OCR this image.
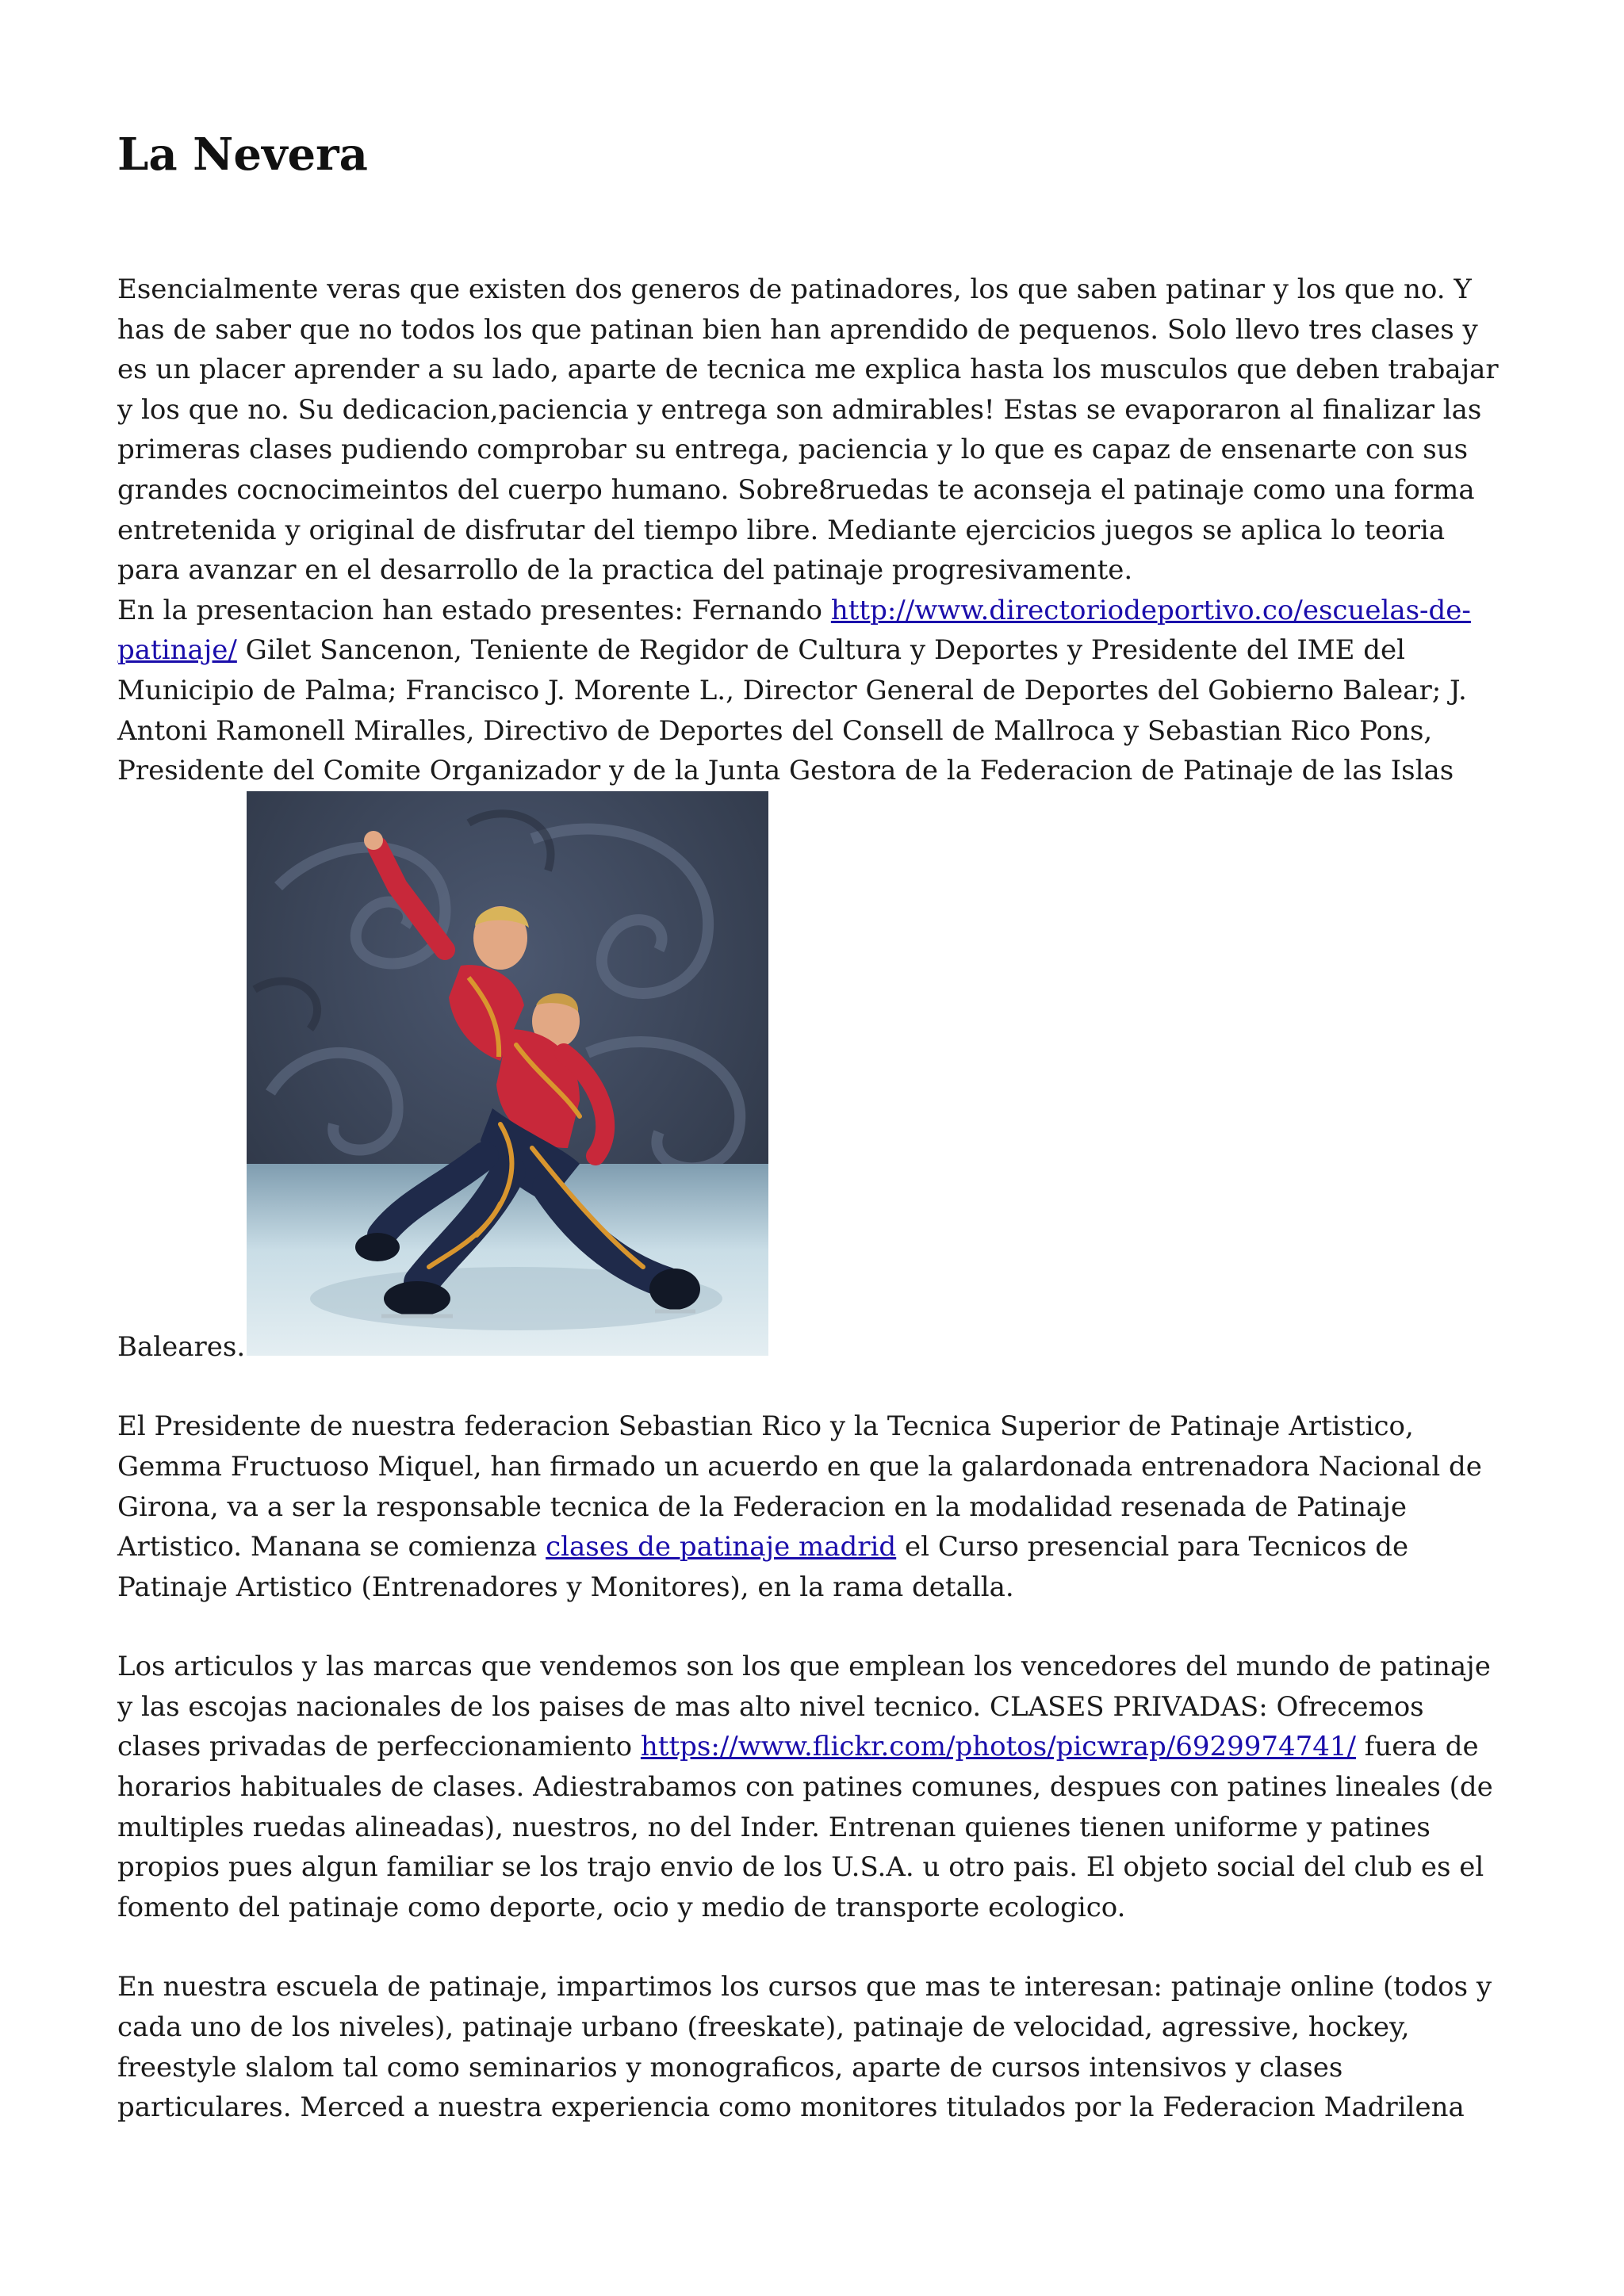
La Nevera

Esencialmente veras que existen dos generos de patinadores, los que saben patinar y los que no. Y has de saber que no todos los que patinan bien han aprendido de pequenos. Solo llevo tres clases y es un placer aprender a su lado, aparte de tecnica me explica hasta los musculos que deben trabajar y los que no. Su dedicacion,paciencia y entrega son admirables! Estas se evaporaron al finalizar las primeras clases pudiendo comprobar su entrega, paciencia y lo que es capaz de ensenarte con sus grandes cocnocimeintos del cuerpo humano. Sobre8ruedas te aconseja el patinaje como una forma entretenida y original de disfrutar del tiempo libre. Mediante ejercicios juegos se aplica lo teoria para avanzar en el desarrollo de la practica del patinaje progresivamente.

En la presentacion han estado presentes: Fernando http://www.directoriodeportivo.co/escuelas-de-patinaje/ Gilet Sancenon, Teniente de Regidor de Cultura y Deportes y Presidente del IME del Municipio de Palma; Francisco J. Morente L., Director General de Deportes del Gobierno Balear; J. Antoni Ramonell Miralles, Directivo de Deportes del Consell de Mallroca y Sebastian Rico Pons, Presidente del Comite Organizador y de la Junta Gestora de la Federacion de Patinaje de las Islas Baleares.

El Presidente de nuestra federacion Sebastian Rico y la Tecnica Superior de Patinaje Artistico, Gemma Fructuoso Miquel, han firmado un acuerdo en que la galardonada entrenadora Nacional de Girona, va a ser la responsable tecnica de la Federacion en la modalidad resenada de Patinaje Artistico. Manana se comienza clases de patinaje madrid el Curso presencial para Tecnicos de Patinaje Artistico (Entrenadores y Monitores), en la rama detalla.

Los articulos y las marcas que vendemos son los que emplean los vencedores del mundo de patinaje y las escojas nacionales de los paises de mas alto nivel tecnico. CLASES PRIVADAS: Ofrecemos clases privadas de perfeccionamiento https://www.flickr.com/photos/picwrap/6929974741/ fuera de horarios habituales de clases. Adiestrabamos con patines comunes, despues con patines lineales (de multiples ruedas alineadas), nuestros, no del Inder. Entrenan quienes tienen uniforme y patines propios pues algun familiar se los trajo envio de los U.S.A. u otro pais. El objeto social del club es el fomento del patinaje como deporte, ocio y medio de transporte ecologico.

En nuestra escuela de patinaje, impartimos los cursos que mas te interesan: patinaje online (todos y cada uno de los niveles), patinaje urbano (freeskate), patinaje de velocidad, agressive, hockey, freestyle slalom tal como seminarios y monograficos, aparte de cursos intensivos y clases particulares. Merced a nuestra experiencia como monitores titulados por la Federacion Madrilena
